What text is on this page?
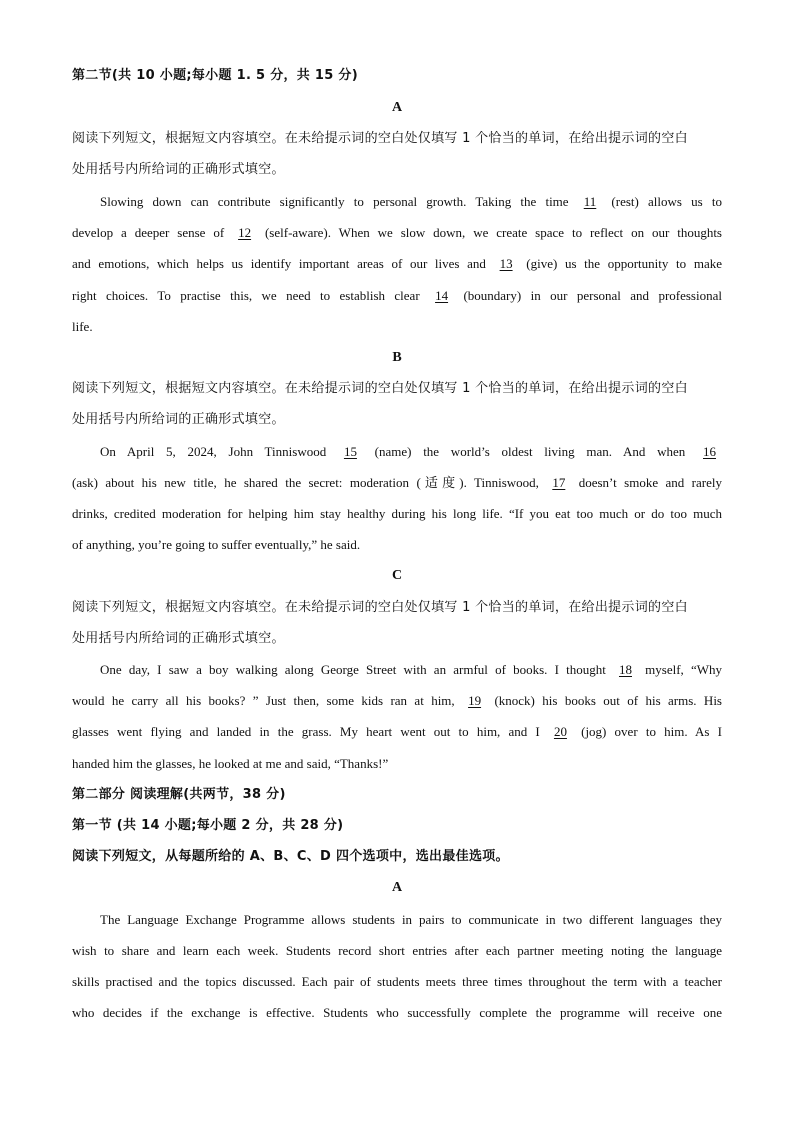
第二节(共 10 小题;每小题 1. 5 分，共 15 分)
A
阅读下列短文，根据短文内容填空。在未给提示词的空白处仅填写 1 个恰当的单词，在给出提示词的空白
处用括号内所给词的正确形式填空。
Slowing down can contribute significantly to personal growth. Taking the time 11 (rest) allows us to
develop a deeper sense of 12 (self-aware). When we slow down, we create space to reflect on our thoughts
and emotions, which helps us identify important areas of our lives and 13 (give) us the opportunity to make
right choices. To practise this, we need to establish clear 14 (boundary) in our personal and professional
life.
B
阅读下列短文，根据短文内容填空。在未给提示词的空白处仅填写 1 个恰当的单词，在给出提示词的空白
处用括号内所给词的正确形式填空。
On April 5, 2024, John Tinniswood 15 (name) the world’s oldest living man. And when 16
(ask) about his new title, he shared the secret: moderation (适度). Tinniswood, 17 doesn’t smoke and rarely
drinks, credited moderation for helping him stay healthy during his long life. “If you eat too much or do too much
of anything, you’re going to suffer eventually,” he said.
C
阅读下列短文，根据短文内容填空。在未给提示词的空白处仅填写 1 个恰当的单词，在给出提示词的空白
处用括号内所给词的正确形式填空。
One day, I saw a boy walking along George Street with an armful of books. I thought 18 myself, “Why
would he carry all his books? ” Just then, some kids ran at him, 19 (knock) his books out of his arms. His
glasses went flying and landed in the grass. My heart went out to him, and I 20 (jog) over to him. As I
handed him the glasses, he looked at me and said, “Thanks!”
第二部分 阅读理解(共两节，38 分)
第一节 (共 14 小题;每小题 2 分，共 28 分)
阅读下列短文，从每题所给的 A、B、C、D 四个选项中，选出最佳选项。
A
The Language Exchange Programme allows students in pairs to communicate in two different languages they
wish to share and learn each week. Students record short entries after each partner meeting noting the language
skills practised and the topics discussed. Each pair of students meets three times throughout the term with a teacher
who decides if the exchange is effective. Students who successfully complete the programme will receive one
